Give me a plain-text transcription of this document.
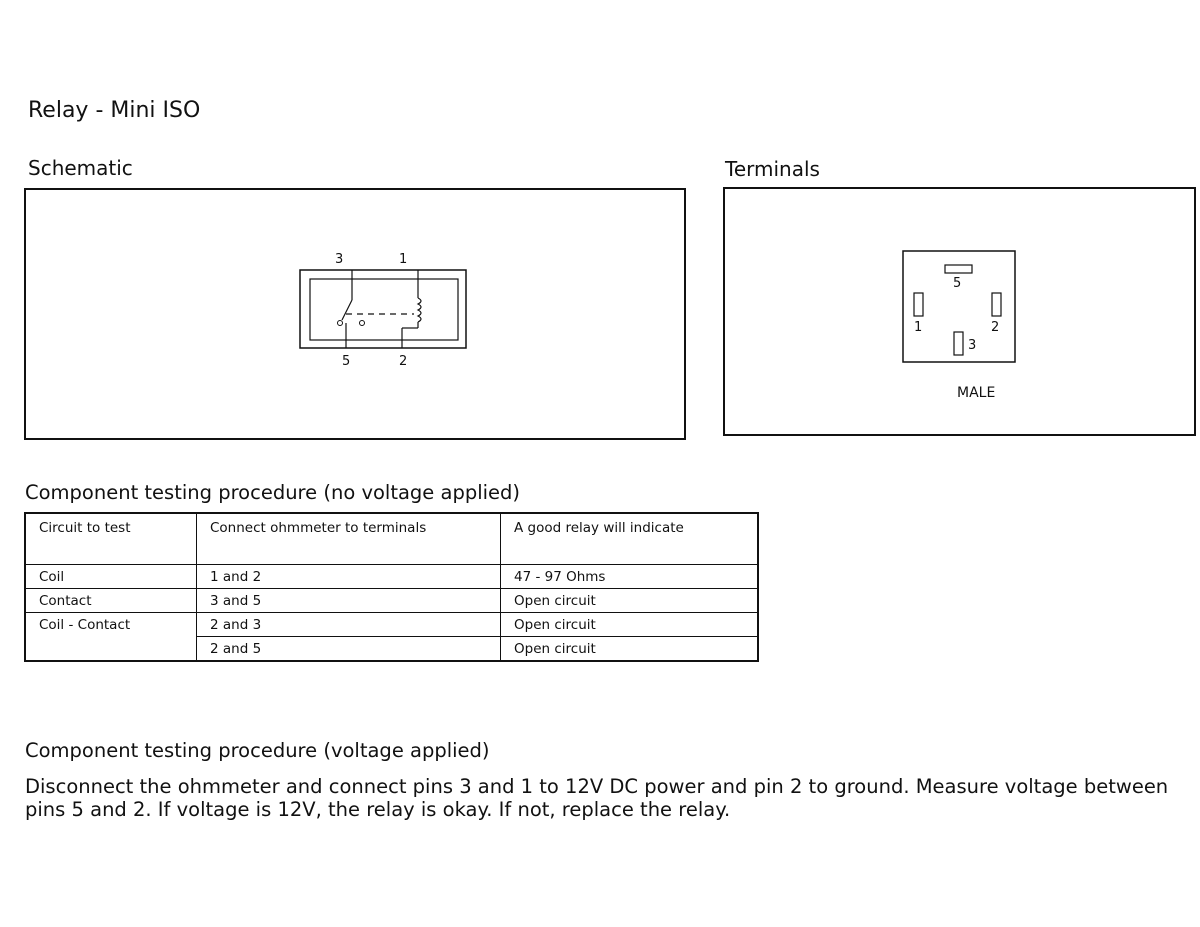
Relay - Mini ISO
Schematic	Terminals
3	1
5	2
5
1	2
3
MALE
Component testing procedure (no voltage applied)
Circuit to test	Connect ohmmeter to terminals	A good relay will indicate
Coil	1 and 2	47 - 97 Ohms
Contact	3 and 5	Open circuit
Coil - Contact	2 and 3	Open circuit
	2 and 5	Open circuit
Component testing procedure (voltage applied)
Disconnect the ohmmeter and connect pins 3 and 1 to 12V DC power and pin 2 to ground. Measure voltage between pins 5 and 2. If voltage is 12V, the relay is okay. If not, replace the relay.
